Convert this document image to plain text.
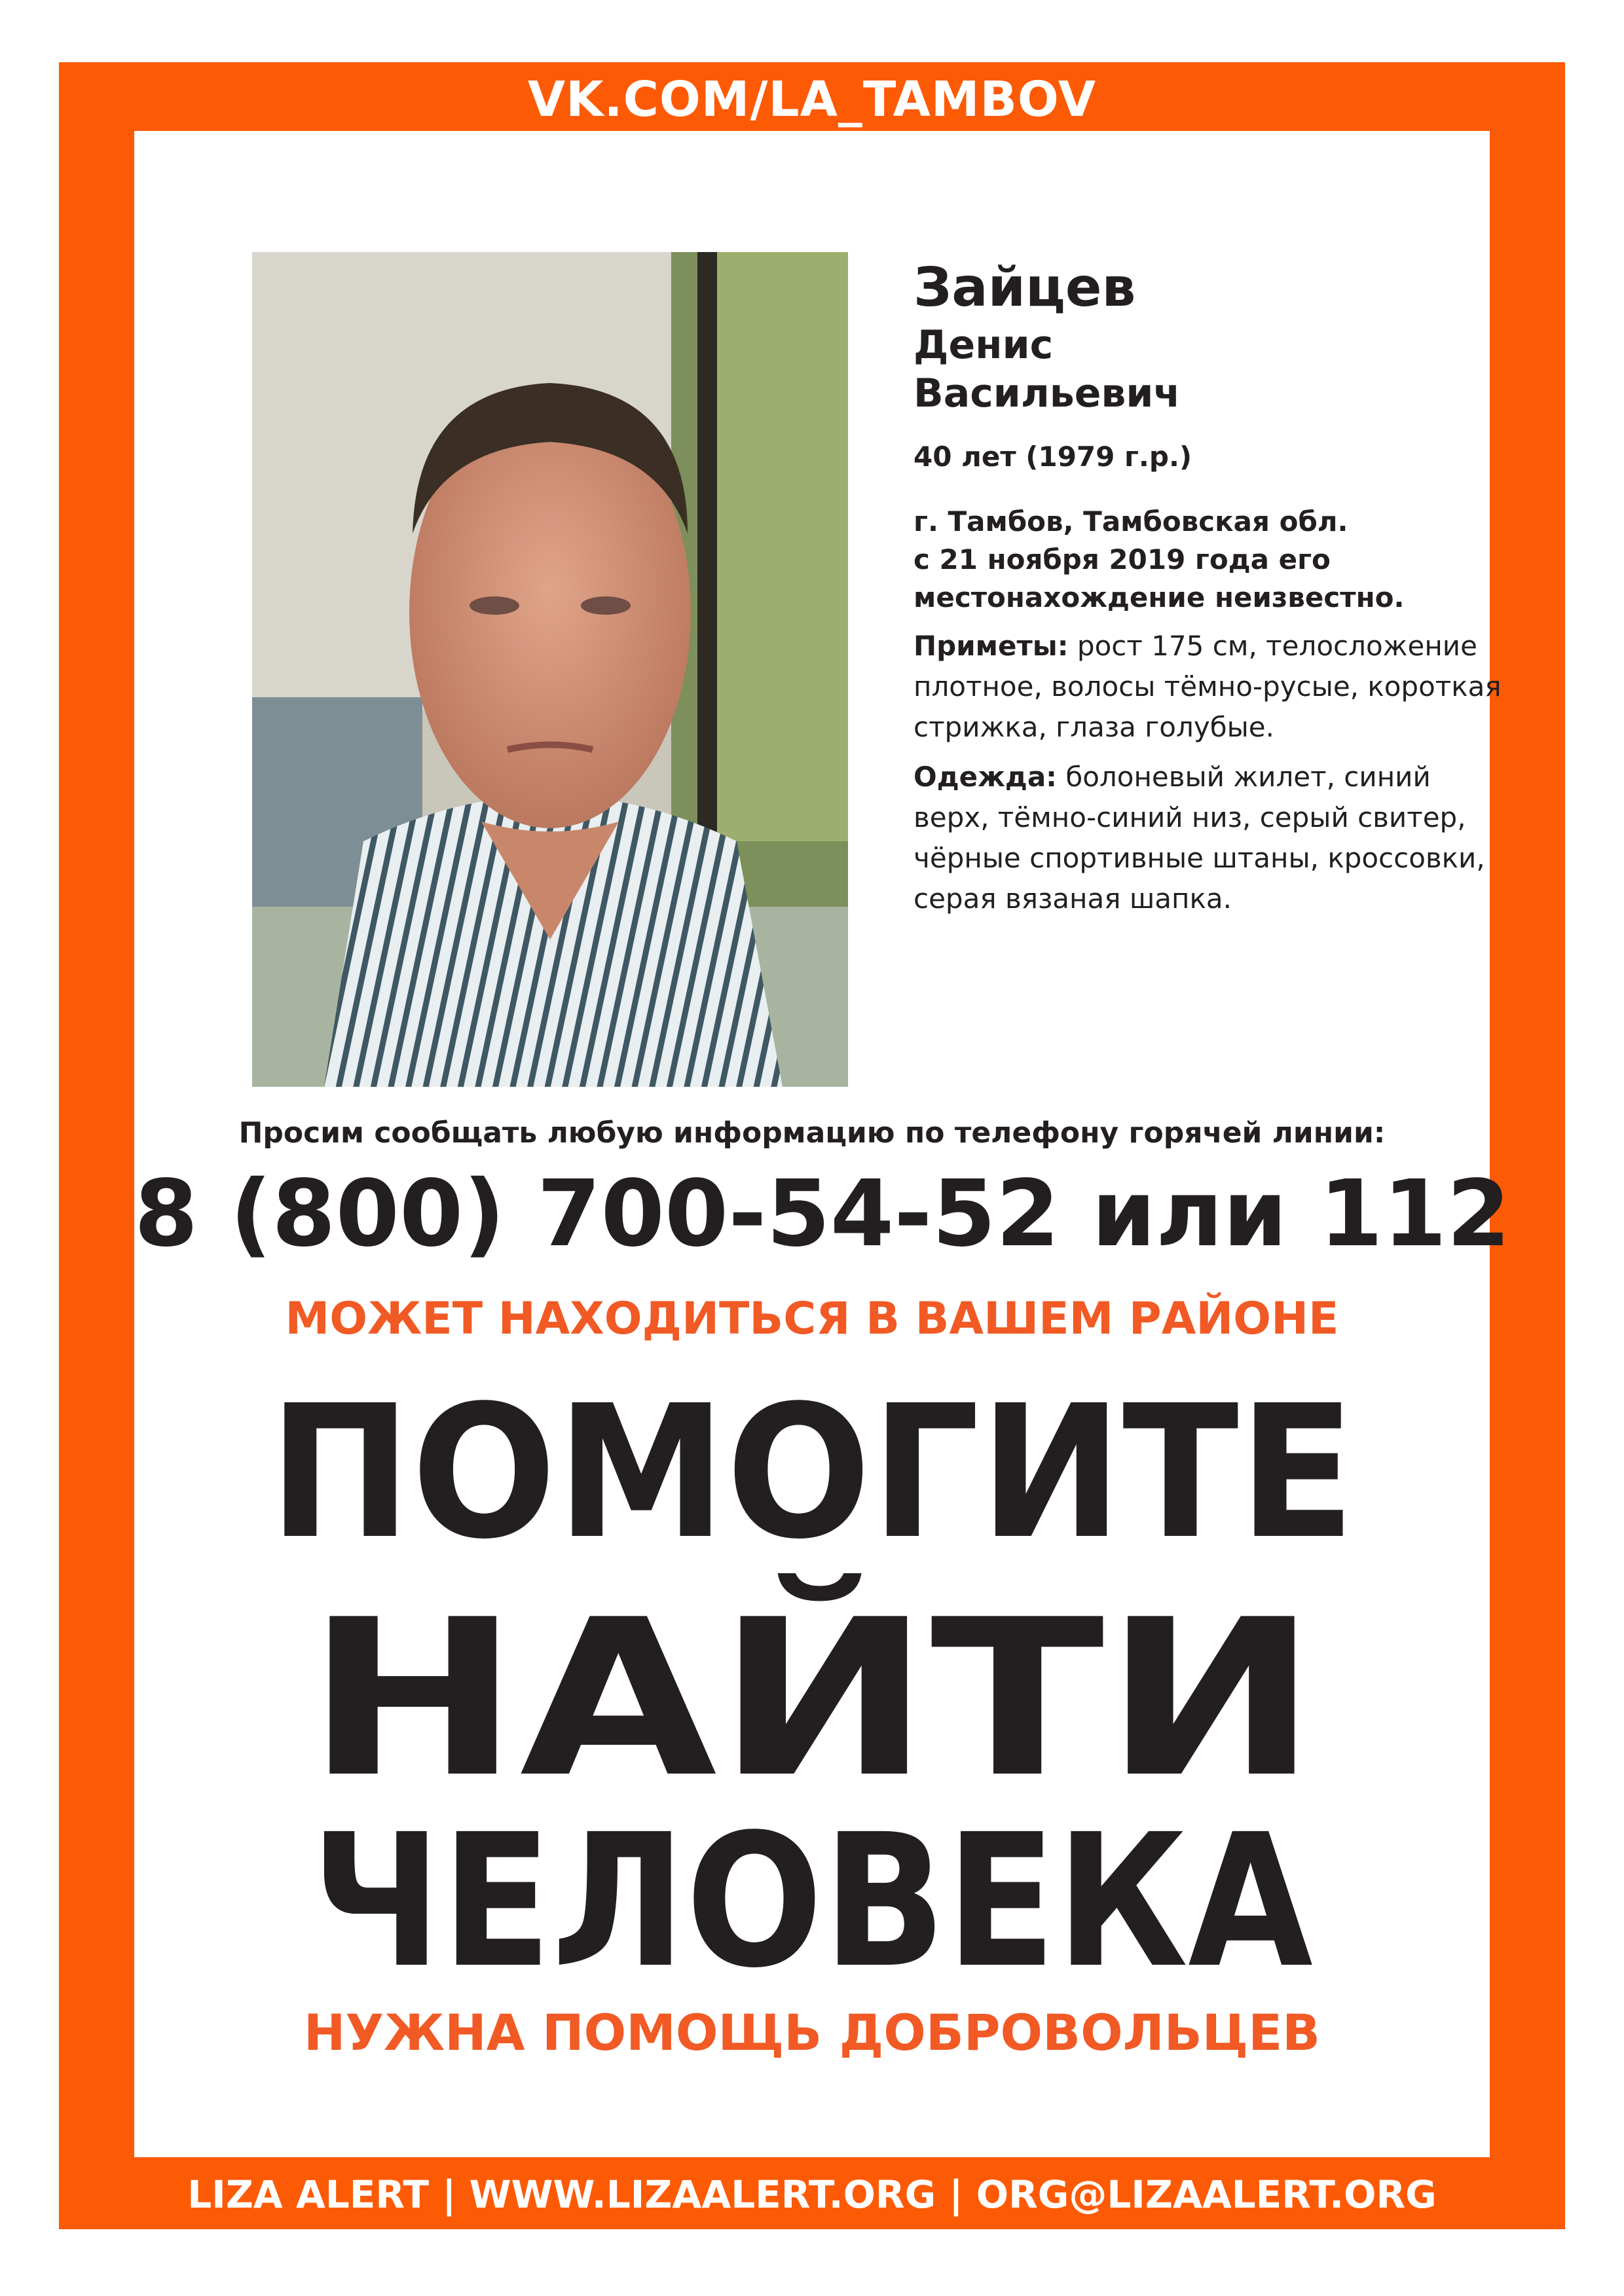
VK.COM/LA_TAMBOV
Зайцев
Денис
Васильевич
40 лет (1979 г.р.)
г. Тамбов, Тамбовская обл.
с 21 ноября 2019 года его
местонахождение неизвестно.
Приметы: рост 175 см, телосложение плотное, волосы тёмно-русые, короткая стрижка, глаза голубые.
Одежда: болоневый жилет, синий верх, тёмно-синий низ, серый свитер, чёрные спортивные штаны, кроссовки, серая вязаная шапка.
Просим сообщать любую информацию по телефону горячей линии:
8 (800) 700-54-52 или 112
МОЖЕТ НАХОДИТЬСЯ В ВАШЕМ РАЙОНЕ
ПОМОГИТЕ
НАЙТИ
ЧЕЛОВЕКА
НУЖНА ПОМОЩЬ ДОБРОВОЛЬЦЕВ
LIZA ALERT | WWW.LIZAALERT.ORG | ORG@LIZAALERT.ORG
